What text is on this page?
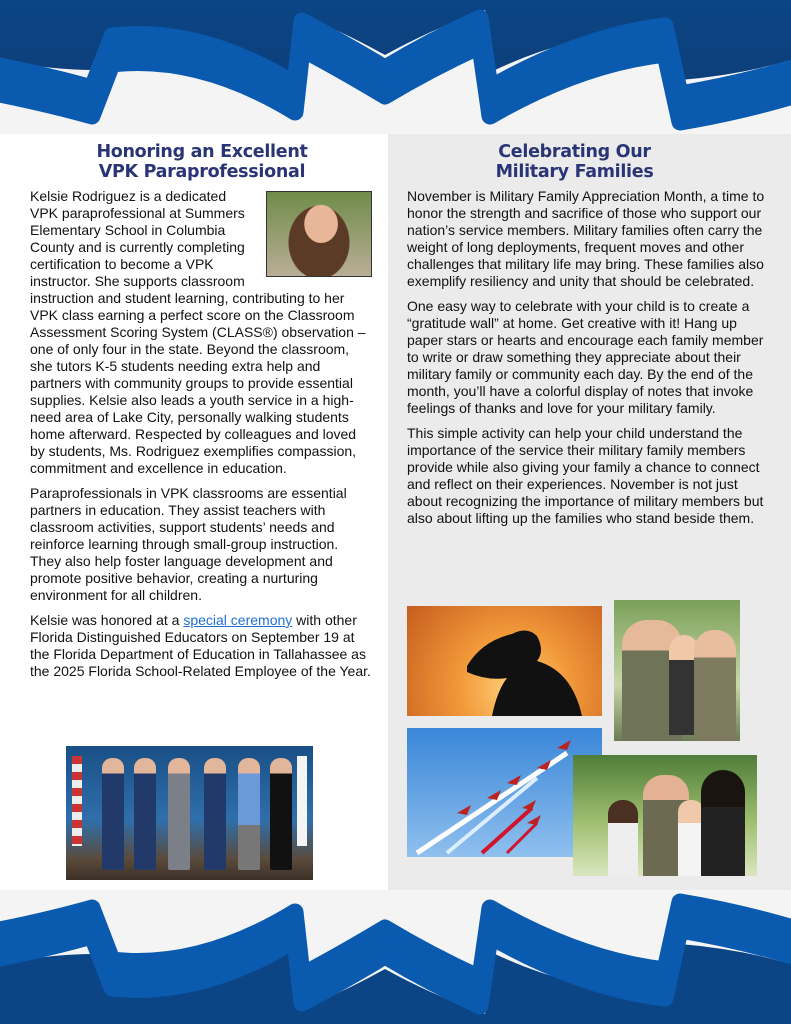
Honoring an Excellent
VPK Paraprofessional

Kelsie Rodriguez is a dedicated VPK paraprofessional at Summers Elementary School in Columbia County and is currently completing certification to become a VPK instructor. She supports classroom instruction and student learning, contributing to her VPK class earning a perfect score on the Classroom Assessment Scoring System (CLASS®) observation – one of only four in the state. Beyond the classroom, she tutors K-5 students needing extra help and partners with community groups to provide essential supplies. Kelsie also leads a youth service in a high-need area of Lake City, personally walking students home afterward. Respected by colleagues and loved by students, Ms. Rodriguez exemplifies compassion, commitment and excellence in education.

Paraprofessionals in VPK classrooms are essential partners in education. They assist teachers with classroom activities, support students’ needs and reinforce learning through small-group instruction. They also help foster language development and promote positive behavior, creating a nurturing environment for all children.

Kelsie was honored at a special ceremony with other Florida Distinguished Educators on September 19 at the Florida Department of Education in Tallahassee as the 2025 Florida School-Related Employee of the Year.

Celebrating Our
Military Families

November is Military Family Appreciation Month, a time to honor the strength and sacrifice of those who support our nation’s service members. Military families often carry the weight of long deployments, frequent moves and other challenges that military life may bring. These families also exemplify resiliency and unity that should be celebrated.

One easy way to celebrate with your child is to create a “gratitude wall” at home. Get creative with it! Hang up paper stars or hearts and encourage each family member to write or draw something they appreciate about their military family or community each day. By the end of the month, you’ll have a colorful display of notes that invoke feelings of thanks and love for your military family.

This simple activity can help your child understand the importance of the service their military family members provide while also giving your family a chance to connect and reflect on their experiences. November is not just about recognizing the importance of military members but also about lifting up the families who stand beside them.
